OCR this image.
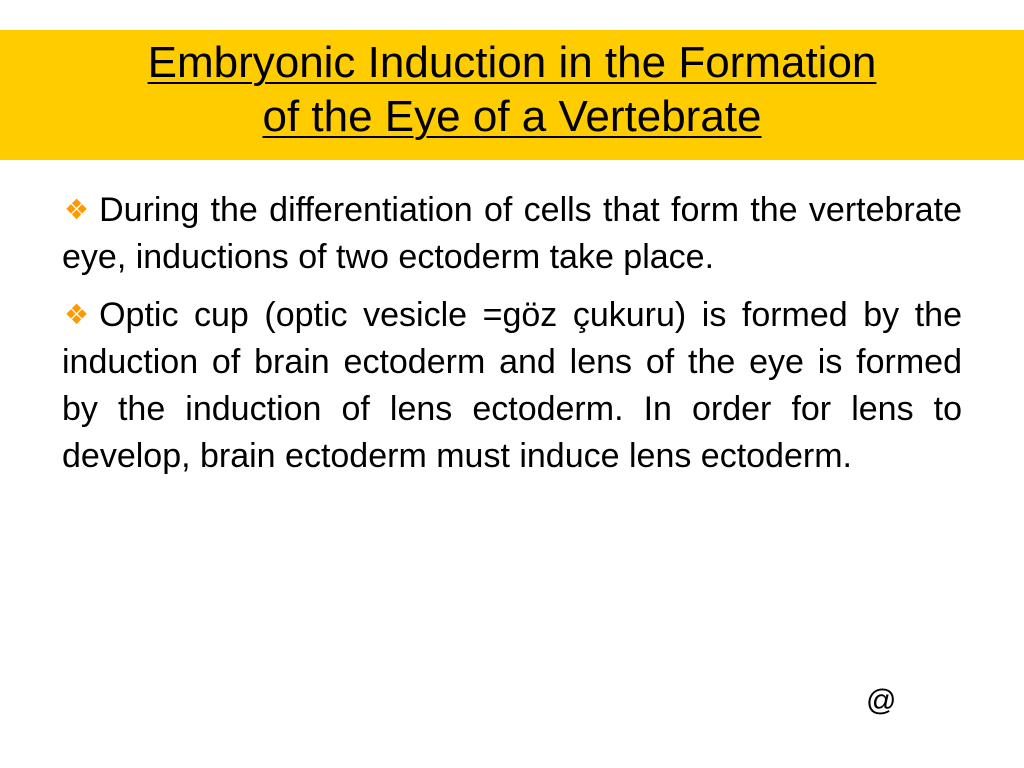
Embryonic Induction in the Formation
of the Eye of a Vertebrate
❖ During the differentiation of cells that form the vertebrate eye, inductions of two ectoderm take place.
❖ Optic cup (optic vesicle =göz çukuru) is formed by the induction of brain ectoderm and lens of the eye is formed by the induction of lens ectoderm. In order for lens to develop, brain ectoderm must induce lens ectoderm.
@
